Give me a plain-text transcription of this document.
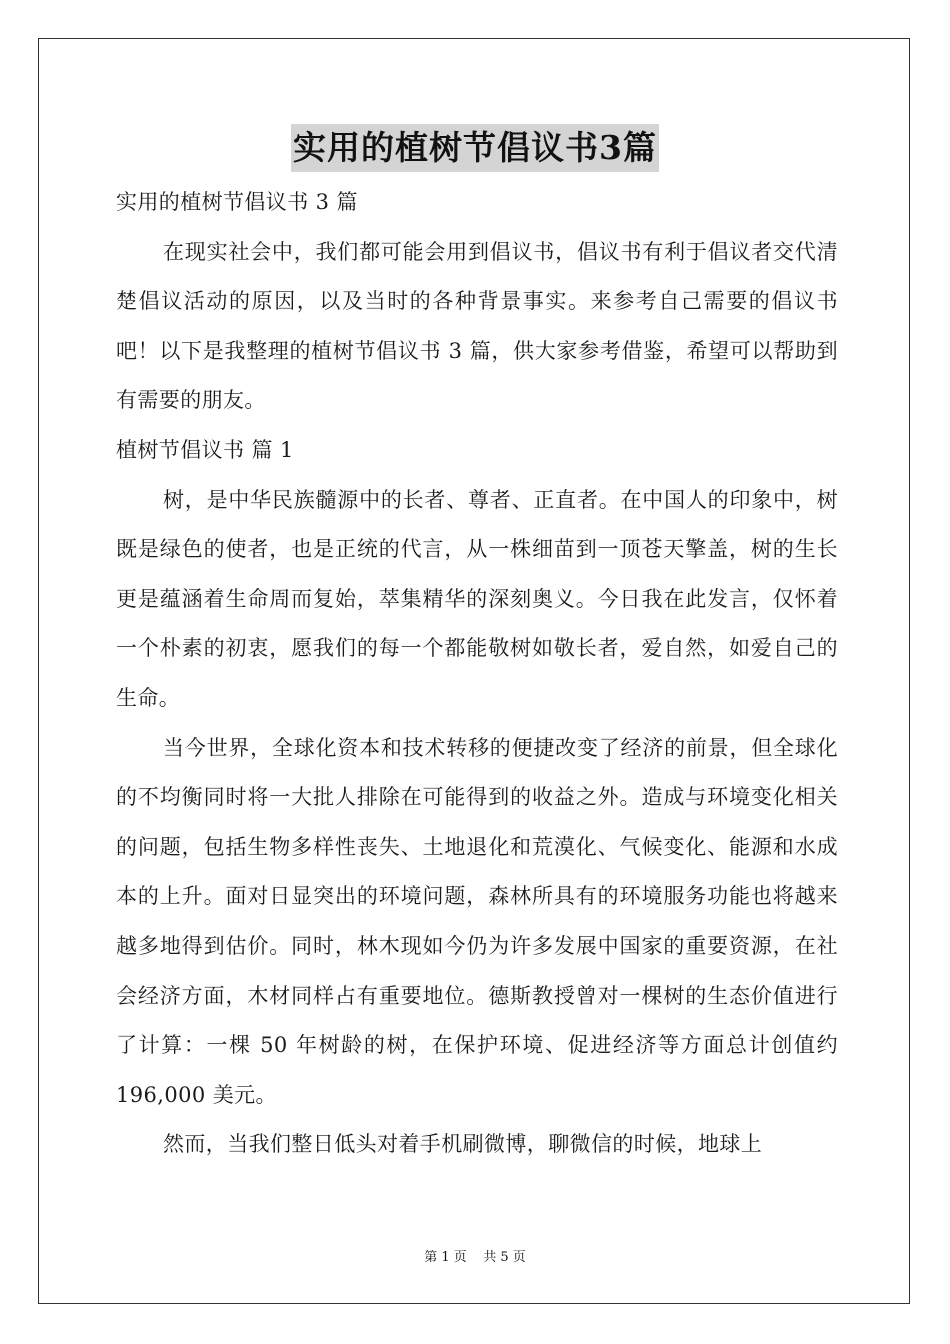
实用的植树节倡议书3篇

实用的植树节倡议书 3 篇

在现实社会中，我们都可能会用到倡议书，倡议书有利于倡议者交代清楚倡议活动的原因，以及当时的各种背景事实。来参考自己需要的倡议书吧！以下是我整理的植树节倡议书 3 篇，供大家参考借鉴，希望可以帮助到有需要的朋友。

植树节倡议书 篇 1

树，是中华民族髓源中的长者、尊者、正直者。在中国人的印象中，树既是绿色的使者，也是正统的代言，从一株细苗到一顶苍天擎盖，树的生长更是蕴涵着生命周而复始，萃集精华的深刻奥义。今日我在此发言，仅怀着一个朴素的初衷，愿我们的每一个都能敬树如敬长者，爱自然，如爱自己的生命。

当今世界，全球化资本和技术转移的便捷改变了经济的前景，但全球化的不均衡同时将一大批人排除在可能得到的收益之外。造成与环境变化相关的问题，包括生物多样性丧失、土地退化和荒漠化、气候变化、能源和水成本的上升。面对日显突出的环境问题，森林所具有的环境服务功能也将越来越多地得到估价。同时，林木现如今仍为许多发展中国家的重要资源，在社会经济方面，木材同样占有重要地位。德斯教授曾对一棵树的生态价值进行了计算：一棵 50 年树龄的树，在保护环境、促进经济等方面总计创值约 196,000 美元。

然而，当我们整日低头对着手机刷微博，聊微信的时候，地球上

第 1 页 共 5 页
